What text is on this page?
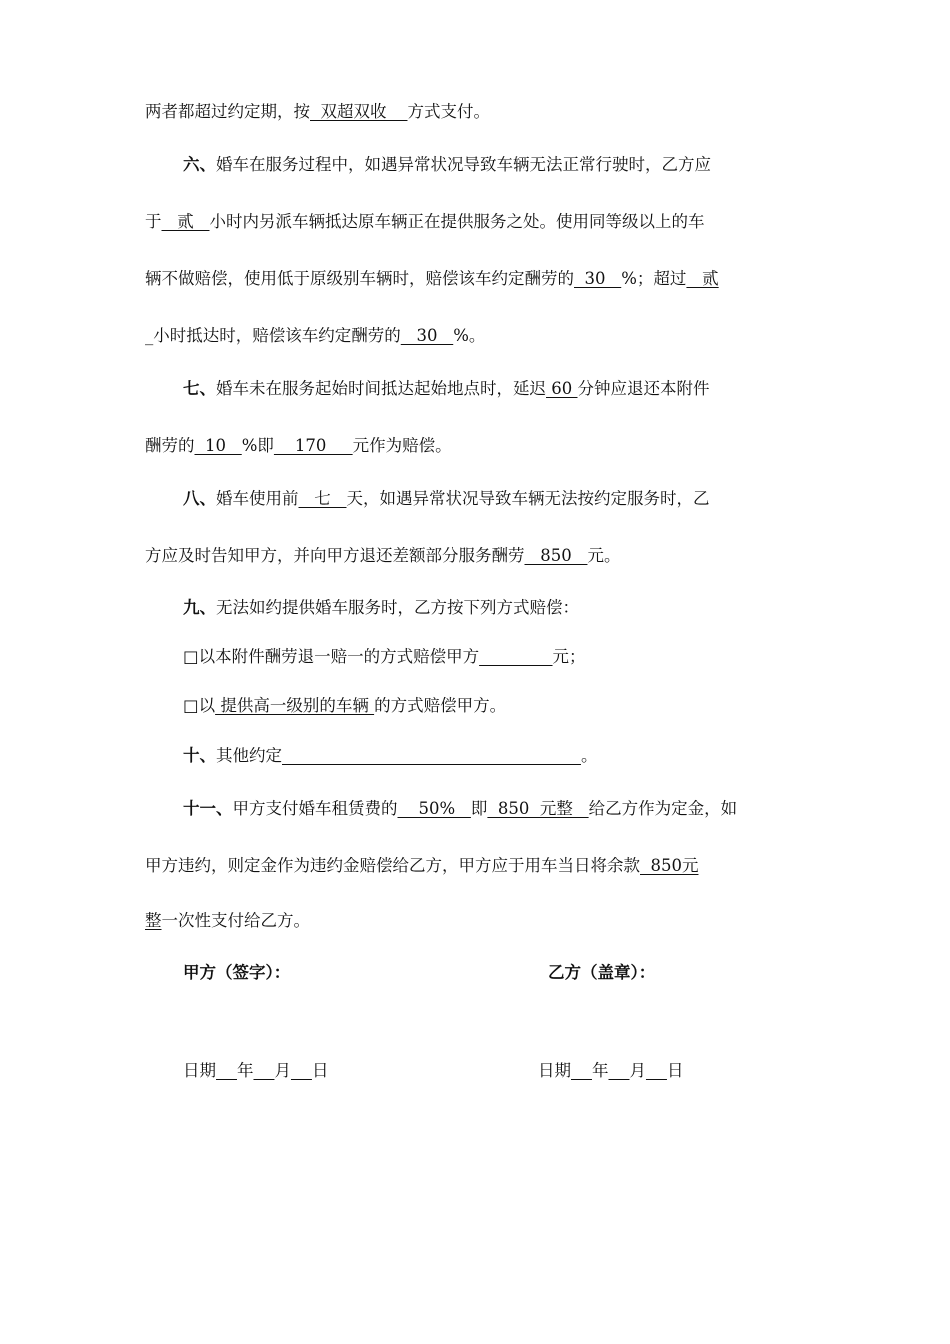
两者都超过约定期，按  双超双收    方式支付。
六、婚车在服务过程中，如遇异常状况导致车辆无法正常行驶时，乙方应
于   贰   小时内另派车辆抵达原车辆正在提供服务之处。使用同等级以上的车
辆不做赔偿，使用低于原级别车辆时，赔偿该车约定酬劳的  30   %；超过   贰
_小时抵达时，赔偿该车约定酬劳的   30   %。
七、婚车未在服务起始时间抵达起始地点时，延迟 60 分钟应退还本附件
酬劳的  10   %即    170     元作为赔偿。
八、婚车使用前   七   天，如遇异常状况导致车辆无法按约定服务时，乙
方应及时告知甲方，并向甲方退还差额部分服务酬劳   850   元。
九、无法如约提供婚车服务时，乙方按下列方式赔偿：
□以本附件酬劳退一赔一的方式赔偿甲方	元；
□以 提供高一级别的车辆 的方式赔偿甲方。
十、其他约定	。
十一、甲方支付婚车租赁费的    50%   即  850  元整   给乙方作为定金，如
甲方违约，则定金作为违约金赔偿给乙方，甲方应于用车当日将余款  850元
整一次性支付给乙方。
甲方（签字）：	乙方（盖章）：
日期 年 月 日	日期 年 月 日
